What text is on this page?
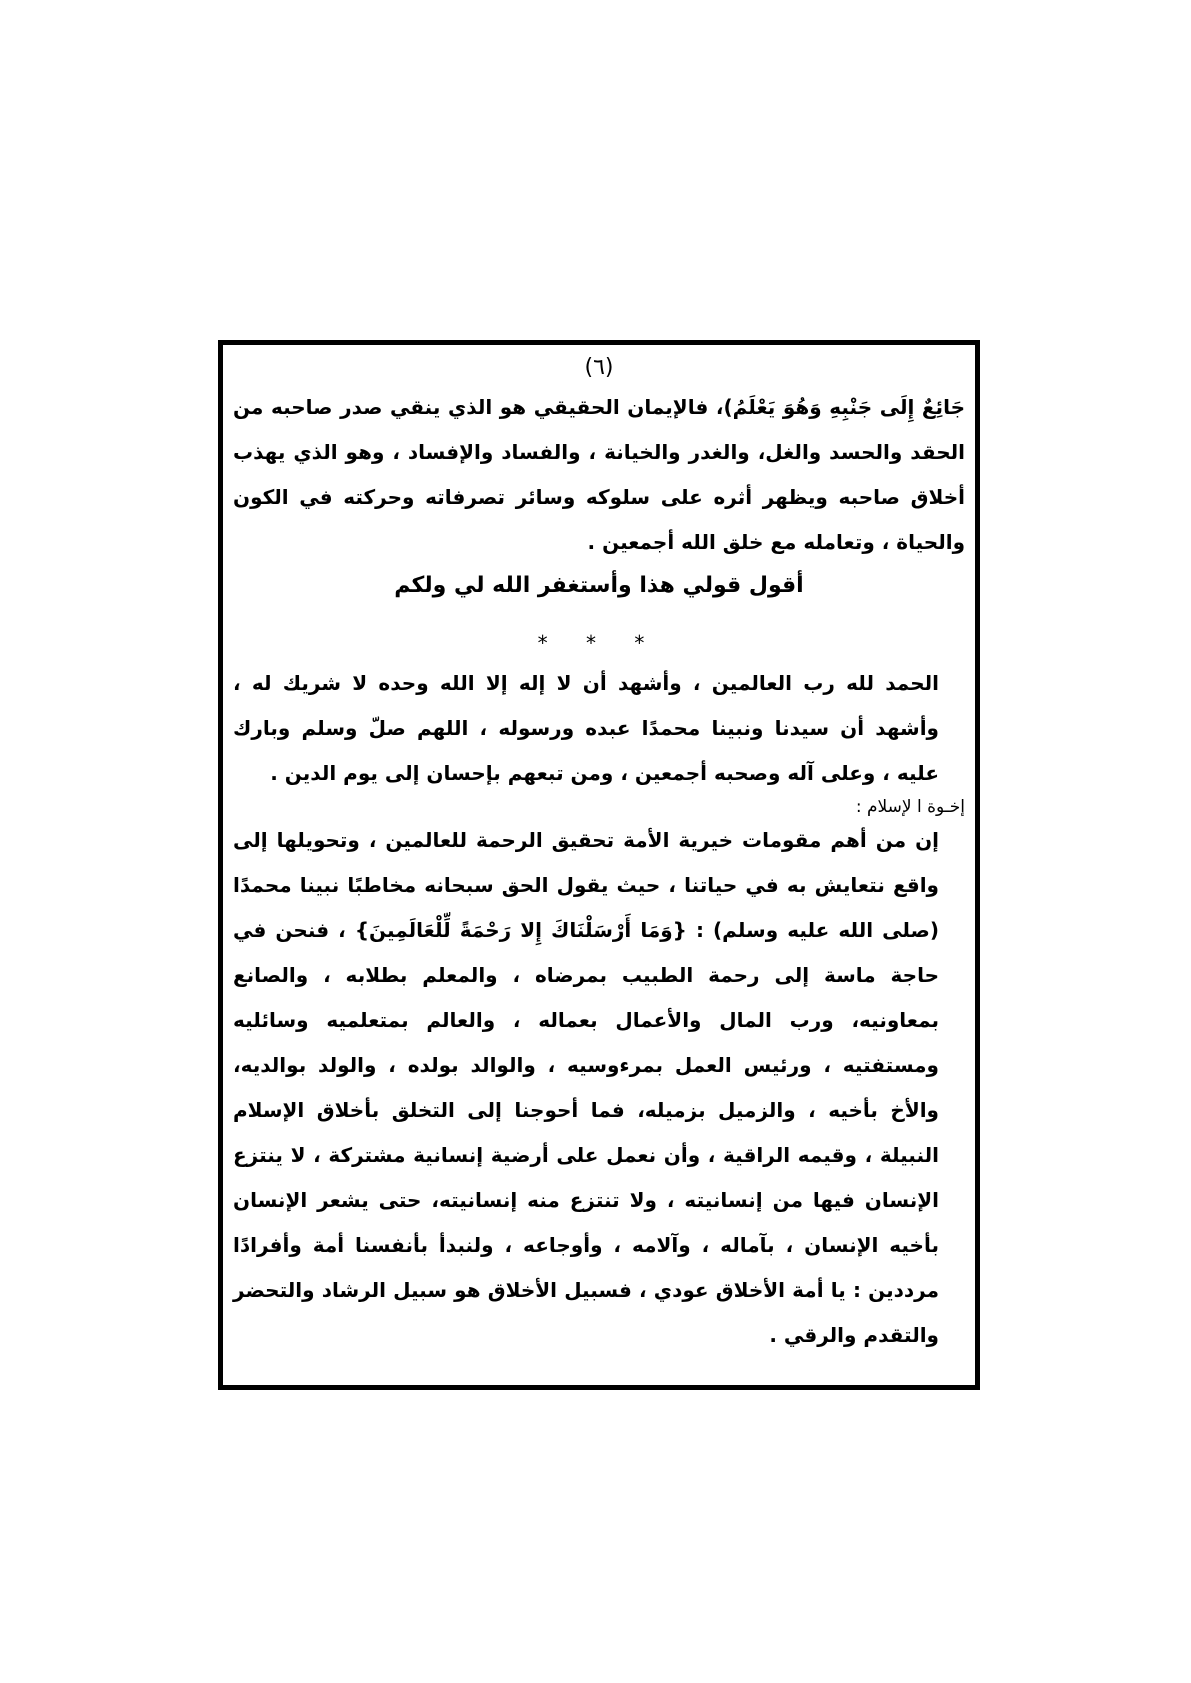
(٦)

جَائِعٌ إِلَى جَنْبِهِ وَهُوَ يَعْلَمُ)، فالإيمان الحقيقي هو الذي ينقي صدر صاحبه من الحقد والحسد والغل، والغدر والخيانة ، والفساد والإفساد ، وهو الذي يهذب أخلاق صاحبه ويظهر أثره على سلوكه وسائر تصرفاته وحركته في الكون والحياة ، وتعامله مع خلق الله أجمعين .

أقول قولي هذا وأستغفر الله لي ولكم

* * *

الحمد لله رب العالمين ، وأشهد أن لا إله إلا الله وحده لا شريك له ، وأشهد أن سيدنا ونبينا محمدًا عبده ورسوله ، اللهم صلّ وسلم وبارك عليه ، وعلى آله وصحبه أجمعين ، ومن تبعهم بإحسان إلى يوم الدين .

إخـوة ا لإسلام :

إن من أهم مقومات خيرية الأمة تحقيق الرحمة للعالمين ، وتحويلها إلى واقع نتعايش به في حياتنا ، حيث يقول الحق سبحانه مخاطبًا نبينا محمدًا (صلى الله عليه وسلم) : {وَمَا أَرْسَلْنَاكَ إِلا رَحْمَةً لِّلْعَالَمِينَ} ، فنحن في حاجة ماسة إلى رحمة الطبيب بمرضاه ، والمعلم بطلابه ، والصانع بمعاونيه، ورب المال والأعمال بعماله ، والعالم بمتعلميه وسائليه ومستفتيه ، ورئيس العمل بمرءوسيه ، والوالد بولده ، والولد بوالديه، والأخ بأخيه ، والزميل بزميله، فما أحوجنا إلى التخلق بأخلاق الإسلام النبيلة ، وقيمه الراقية ، وأن نعمل على أرضية إنسانية مشتركة ، لا ينتزع الإنسان فيها من إنسانيته ، ولا تنتزع منه إنسانيته، حتى يشعر الإنسان بأخيه الإنسان ، بآماله ، وآلامه ، وأوجاعه ، ولنبدأ بأنفسنا أمة وأفرادًا مرددين : يا أمة الأخلاق عودي ، فسبيل الأخلاق هو سبيل الرشاد والتحضر والتقدم والرقي .
